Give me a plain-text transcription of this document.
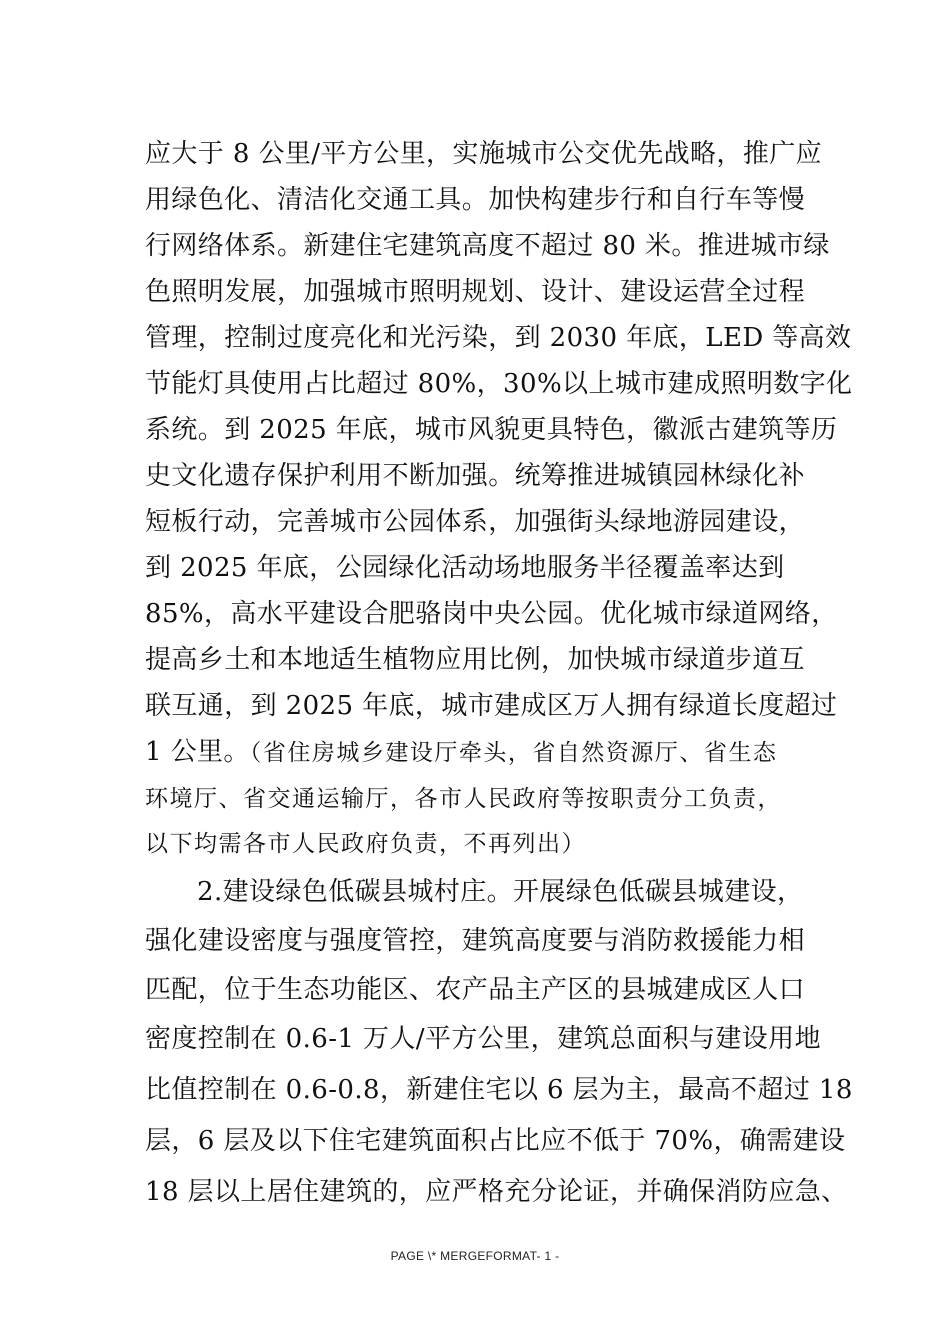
应大于 8 公里/平方公里，实施城市公交优先战略，推广应
用绿色化、清洁化交通工具。加快构建步行和自行车等慢
行网络体系。新建住宅建筑高度不超过 80 米。推进城市绿
色照明发展，加强城市照明规划、设计、建设运营全过程
管理，控制过度亮化和光污染，到 2030 年底，LED 等高效
节能灯具使用占比超过 80%，30%以上城市建成照明数字化
系统。到 2025 年底，城市风貌更具特色，徽派古建筑等历
史文化遗存保护利用不断加强。统筹推进城镇园林绿化补
短板行动，完善城市公园体系，加强街头绿地游园建设，
到 2025 年底，公园绿化活动场地服务半径覆盖率达到
85%，高水平建设合肥骆岗中央公园。优化城市绿道网络，
提高乡土和本地适生植物应用比例，加快城市绿道步道互
联互通，到 2025 年底，城市建成区万人拥有绿道长度超过
1 公里。（省住房城乡建设厅牵头，省自然资源厅、省生态
环境厅、省交通运输厅，各市人民政府等按职责分工负责，
以下均需各市人民政府负责，不再列出）
2.建设绿色低碳县城村庄。开展绿色低碳县城建设，
强化建设密度与强度管控，建筑高度要与消防救援能力相
匹配，位于生态功能区、农产品主产区的县城建成区人口
密度控制在 0.6-1 万人/平方公里，建筑总面积与建设用地
比值控制在 0.6-0.8，新建住宅以 6 层为主，最高不超过 18
层，6 层及以下住宅建筑面积占比应不低于 70%，确需建设
18 层以上居住建筑的，应严格充分论证，并确保消防应急、
PAGE \* MERGEFORMAT- 1 -
